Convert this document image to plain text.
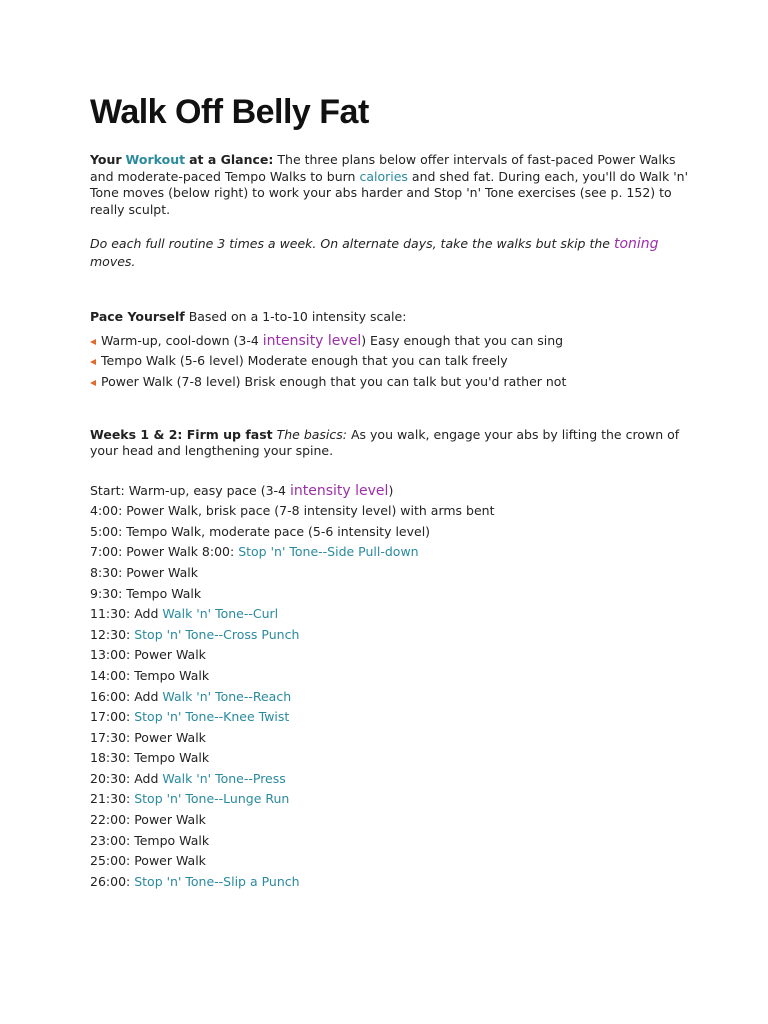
Walk Off Belly Fat

Your Workout at a Glance: The three plans below offer intervals of fast-paced Power Walks and moderate-paced Tempo Walks to burn calories and shed fat. During each, you'll do Walk 'n' Tone moves (below right) to work your abs harder and Stop 'n' Tone exercises (see p. 152) to really sculpt.

Do each full routine 3 times a week. On alternate days, take the walks but skip the toning moves.

Pace Yourself Based on a 1-to-10 intensity scale:

Warm-up, cool-down (3-4 intensity level) Easy enough that you can sing
Tempo Walk (5-6 level) Moderate enough that you can talk freely
Power Walk (7-8 level) Brisk enough that you can talk but you'd rather not

Weeks 1 & 2: Firm up fast The basics: As you walk, engage your abs by lifting the crown of your head and lengthening your spine.

Start: Warm-up, easy pace (3-4 intensity level)
4:00: Power Walk, brisk pace (7-8 intensity level) with arms bent
5:00: Tempo Walk, moderate pace (5-6 intensity level)
7:00: Power Walk 8:00: Stop 'n' Tone--Side Pull-down
8:30: Power Walk
9:30: Tempo Walk
11:30: Add Walk 'n' Tone--Curl
12:30: Stop 'n' Tone--Cross Punch
13:00: Power Walk
14:00: Tempo Walk
16:00: Add Walk 'n' Tone--Reach
17:00: Stop 'n' Tone--Knee Twist
17:30: Power Walk
18:30: Tempo Walk
20:30: Add Walk 'n' Tone--Press
21:30: Stop 'n' Tone--Lunge Run
22:00: Power Walk
23:00: Tempo Walk
25:00: Power Walk
26:00: Stop 'n' Tone--Slip a Punch
